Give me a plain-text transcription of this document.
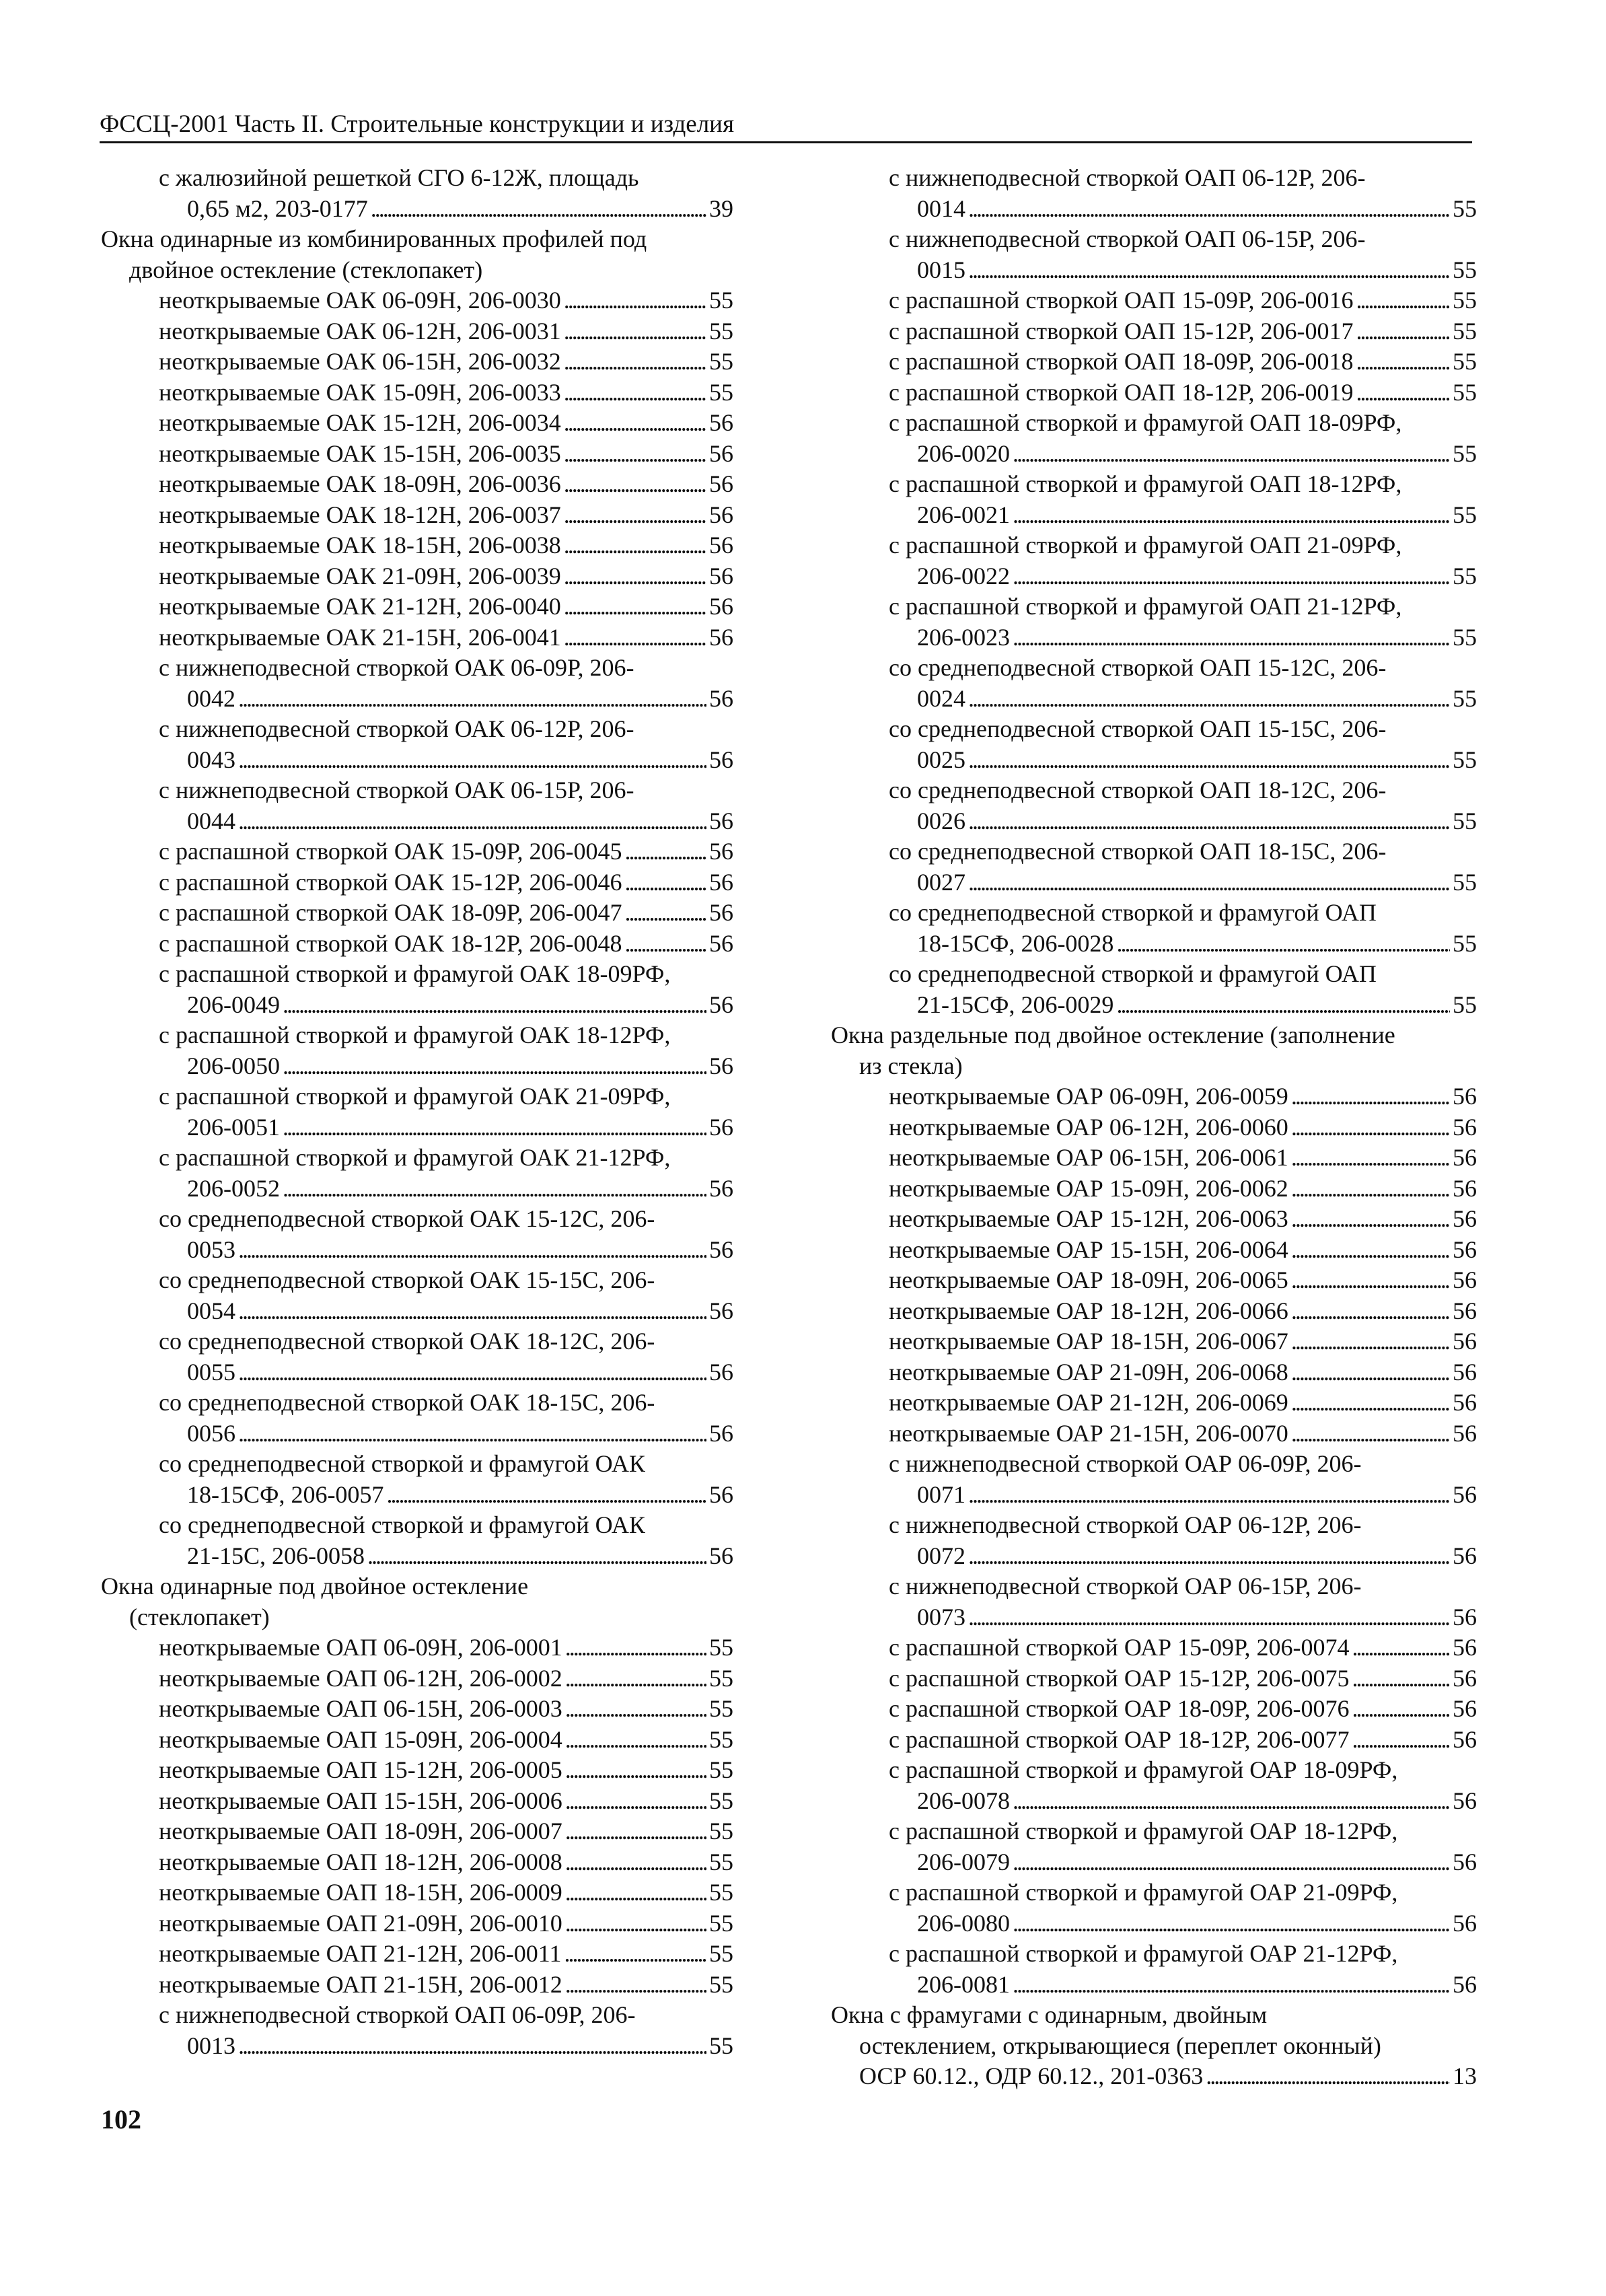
ФССЦ-2001 Часть II. Строительные конструкции и изделия
с жалюзийной решеткой СГО 6-12Ж, площадь
0,65 м2, 203-0177 . . .	39
Окна одинарные из комбинированных профилей под
двойное остекление (стеклопакет)
неоткрываемые ОАК 06-09Н, 206-0030 . . .	55
неоткрываемые ОАК 06-12Н, 206-0031 . . .	55
неоткрываемые ОАК 06-15Н, 206-0032 . . .	55
неоткрываемые ОАК 15-09Н, 206-0033 . . .	55
неоткрываемые ОАК 15-12Н, 206-0034 . . .	56
неоткрываемые ОАК 15-15Н, 206-0035 . . .	56
неоткрываемые ОАК 18-09Н, 206-0036 . . .	56
неоткрываемые ОАК 18-12Н, 206-0037 . . .	56
неоткрываемые ОАК 18-15Н, 206-0038 . . .	56
неоткрываемые ОАК 21-09Н, 206-0039 . . .	56
неоткрываемые ОАК 21-12Н, 206-0040 . . .	56
неоткрываемые ОАК 21-15Н, 206-0041 . . .	56
с нижнеподвесной створкой ОАК 06-09Р, 206-
0042 . . .	56
с нижнеподвесной створкой ОАК 06-12Р, 206-
0043 . . .	56
с нижнеподвесной створкой ОАК 06-15Р, 206-
0044 . . .	56
с распашной створкой ОАК 15-09Р, 206-0045 . . .	56
с распашной створкой ОАК 15-12Р, 206-0046 . . .	56
с распашной створкой ОАК 18-09Р, 206-0047 . . .	56
с распашной створкой ОАК 18-12Р, 206-0048 . . .	56
с распашной створкой и фрамугой ОАК 18-09РФ,
206-0049 . . .	56
с распашной створкой и фрамугой ОАК 18-12РФ,
206-0050 . . .	56
с распашной створкой и фрамугой ОАК 21-09РФ,
206-0051 . . .	56
с распашной створкой и фрамугой ОАК 21-12РФ,
206-0052 . . .	56
со среднеподвесной створкой ОАК 15-12С, 206-
0053 . . .	56
со среднеподвесной створкой ОАК 15-15С, 206-
0054 . . .	56
со среднеподвесной створкой ОАК 18-12С, 206-
0055 . . .	56
со среднеподвесной створкой ОАК 18-15С, 206-
0056 . . .	56
со среднеподвесной створкой и фрамугой ОАК
18-15СФ, 206-0057 . . .	56
со среднеподвесной створкой и фрамугой ОАК
21-15С, 206-0058 . . .	56
Окна одинарные под двойное остекление
(стеклопакет)
неоткрываемые ОАП 06-09Н, 206-0001 . . .	55
неоткрываемые ОАП 06-12Н, 206-0002 . . .	55
неоткрываемые ОАП 06-15Н, 206-0003 . . .	55
неоткрываемые ОАП 15-09Н, 206-0004 . . .	55
неоткрываемые ОАП 15-12Н, 206-0005 . . .	55
неоткрываемые ОАП 15-15Н, 206-0006 . . .	55
неоткрываемые ОАП 18-09Н, 206-0007 . . .	55
неоткрываемые ОАП 18-12Н, 206-0008 . . .	55
неоткрываемые ОАП 18-15Н, 206-0009 . . .	55
неоткрываемые ОАП 21-09Н, 206-0010 . . .	55
неоткрываемые ОАП 21-12Н, 206-0011 . . .	55
неоткрываемые ОАП 21-15Н, 206-0012 . . .	55
с нижнеподвесной створкой ОАП 06-09Р, 206-
0013 . . .	55
с нижнеподвесной створкой ОАП 06-12Р, 206-
0014 . . .	55
с нижнеподвесной створкой ОАП 06-15Р, 206-
0015 . . .	55
с распашной створкой ОАП 15-09Р, 206-0016 . . .	55
с распашной створкой ОАП 15-12Р, 206-0017 . . .	55
с распашной створкой ОАП 18-09Р, 206-0018 . . .	55
с распашной створкой ОАП 18-12Р, 206-0019 . . .	55
с распашной створкой и фрамугой ОАП 18-09РФ,
206-0020 . . .	55
с распашной створкой и фрамугой ОАП 18-12РФ,
206-0021 . . .	55
с распашной створкой и фрамугой ОАП 21-09РФ,
206-0022 . . .	55
с распашной створкой и фрамугой ОАП 21-12РФ,
206-0023 . . .	55
со среднеподвесной створкой ОАП 15-12С, 206-
0024 . . .	55
со среднеподвесной створкой ОАП 15-15С, 206-
0025 . . .	55
со среднеподвесной створкой ОАП 18-12С, 206-
0026 . . .	55
со среднеподвесной створкой ОАП 18-15С, 206-
0027 . . .	55
со среднеподвесной створкой и фрамугой ОАП
18-15СФ, 206-0028 . . .	55
со среднеподвесной створкой и фрамугой ОАП
21-15СФ, 206-0029 . . .	55
Окна раздельные под двойное остекление (заполнение
из стекла)
неоткрываемые ОАР 06-09Н, 206-0059 . . .	56
неоткрываемые ОАР 06-12Н, 206-0060 . . .	56
неоткрываемые ОАР 06-15Н, 206-0061 . . .	56
неоткрываемые ОАР 15-09Н, 206-0062 . . .	56
неоткрываемые ОАР 15-12Н, 206-0063 . . .	56
неоткрываемые ОАР 15-15Н, 206-0064 . . .	56
неоткрываемые ОАР 18-09Н, 206-0065 . . .	56
неоткрываемые ОАР 18-12Н, 206-0066 . . .	56
неоткрываемые ОАР 18-15Н, 206-0067 . . .	56
неоткрываемые ОАР 21-09Н, 206-0068 . . .	56
неоткрываемые ОАР 21-12Н, 206-0069 . . .	56
неоткрываемые ОАР 21-15Н, 206-0070 . . .	56
с нижнеподвесной створкой ОАР 06-09Р, 206-
0071 . . .	56
с нижнеподвесной створкой ОАР 06-12Р, 206-
0072 . . .	56
с нижнеподвесной створкой ОАР 06-15Р, 206-
0073 . . .	56
с распашной створкой ОАР 15-09Р, 206-0074 . . .	56
с распашной створкой ОАР 15-12Р, 206-0075 . . .	56
с распашной створкой ОАР 18-09Р, 206-0076 . . .	56
с распашной створкой ОАР 18-12Р, 206-0077 . . .	56
с распашной створкой и фрамугой ОАР 18-09РФ,
206-0078 . . .	56
с распашной створкой и фрамугой ОАР 18-12РФ,
206-0079 . . .	56
с распашной створкой и фрамугой ОАР 21-09РФ,
206-0080 . . .	56
с распашной створкой и фрамугой ОАР 21-12РФ,
206-0081 . . .	56
Окна с фрамугами с одинарным, двойным
остеклением, открывающиеся (переплет оконный)
ОСР 60.12., ОДР 60.12., 201-0363 . . .	13
102
